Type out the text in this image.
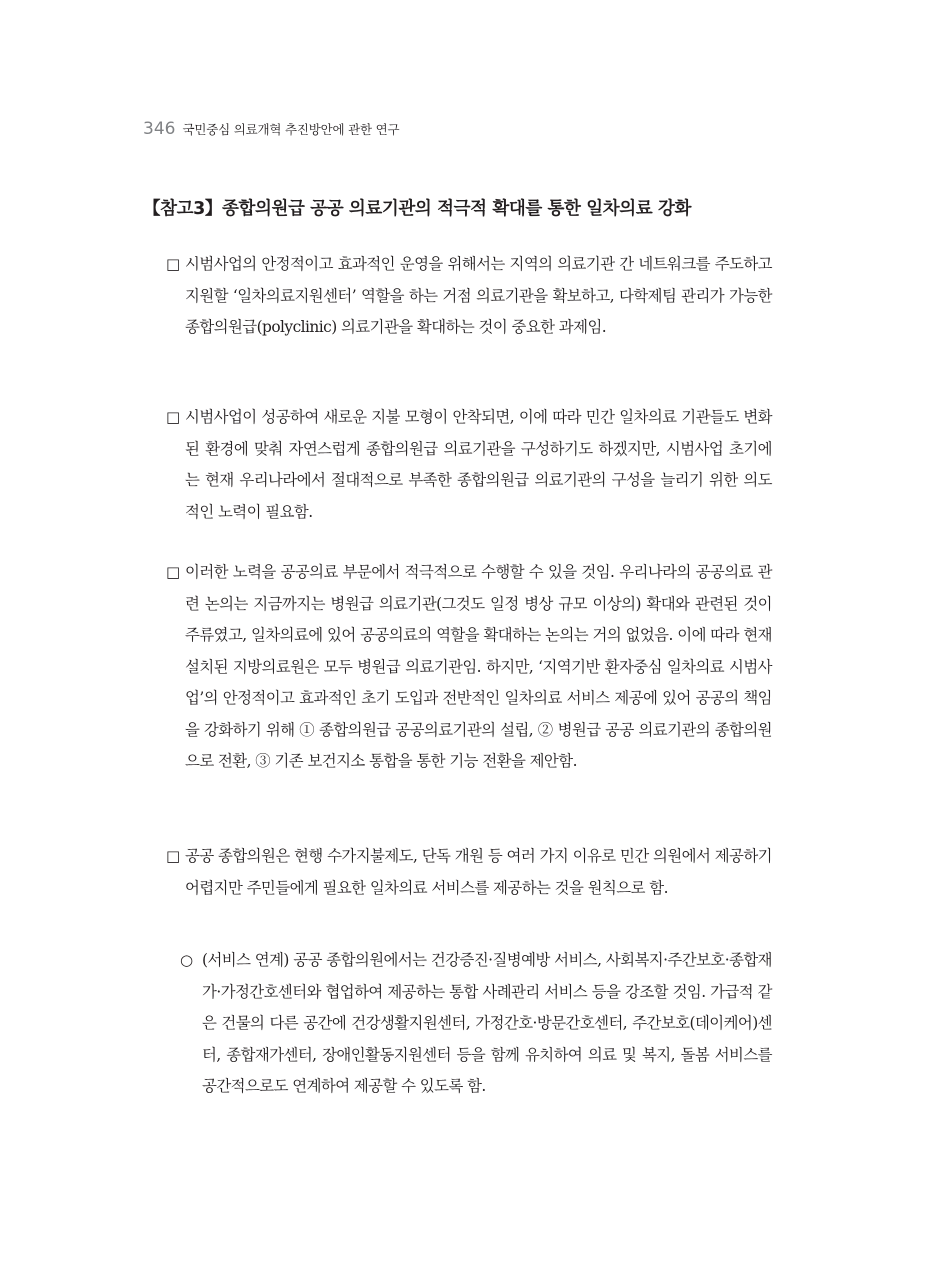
346 국민중심 의료개혁 추진방안에 관한 연구
【참고3】종합의원급 공공 의료기관의 적극적 확대를 통한 일차의료 강화

□ 시범사업의 안정적이고 효과적인 운영을 위해서는 지역의 의료기관 간 네트워크를 주도하고 지원할 ‘일차의료지원센터’ 역할을 하는 거점 의료기관을 확보하고, 다학제팀 관리가 가능한 종합의원급(polyclinic) 의료기관을 확대하는 것이 중요한 과제임.

□ 시범사업이 성공하여 새로운 지불 모형이 안착되면, 이에 따라 민간 일차의료 기관들도 변화된 환경에 맞춰 자연스럽게 종합의원급 의료기관을 구성하기도 하겠지만, 시범사업 초기에는 현재 우리나라에서 절대적으로 부족한 종합의원급 의료기관의 구성을 늘리기 위한 의도적인 노력이 필요함.

□ 이러한 노력을 공공의료 부문에서 적극적으로 수행할 수 있을 것임. 우리나라의 공공의료 관련 논의는 지금까지는 병원급 의료기관(그것도 일정 병상 규모 이상의) 확대와 관련된 것이 주류였고, 일차의료에 있어 공공의료의 역할을 확대하는 논의는 거의 없었음. 이에 따라 현재 설치된 지방의료원은 모두 병원급 의료기관임. 하지만, ‘지역기반 환자중심 일차의료 시범사업’의 안정적이고 효과적인 초기 도입과 전반적인 일차의료 서비스 제공에 있어 공공의 책임을 강화하기 위해 ① 종합의원급 공공의료기관의 설립, ② 병원급 공공 의료기관의 종합의원으로 전환, ③ 기존 보건지소 통합을 통한 기능 전환을 제안함.

□ 공공 종합의원은 현행 수가지불제도, 단독 개원 등 여러 가지 이유로 민간 의원에서 제공하기 어렵지만 주민들에게 필요한 일차의료 서비스를 제공하는 것을 원칙으로 함.

○ (서비스 연계) 공공 종합의원에서는 건강증진·질병예방 서비스, 사회복지·주간보호·종합재가·가정간호센터와 협업하여 제공하는 통합 사례관리 서비스 등을 강조할 것임. 가급적 같은 건물의 다른 공간에 건강생활지원센터, 가정간호·방문간호센터, 주간보호(데이케어)센터, 종합재가센터, 장애인활동지원센터 등을 함께 유치하여 의료 및 복지, 돌봄 서비스를 공간적으로도 연계하여 제공할 수 있도록 함.
